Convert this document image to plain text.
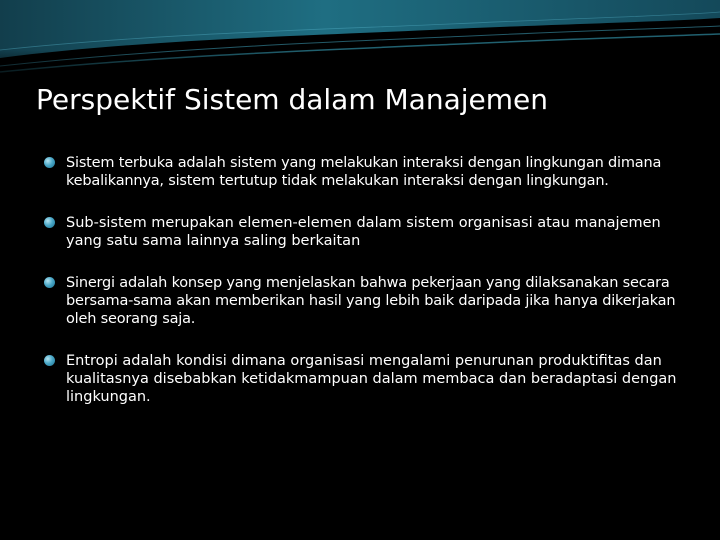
Perspektif Sistem dalam Manajemen
Sistem terbuka adalah sistem yang melakukan interaksi dengan lingkungan dimana kebalikannya, sistem tertutup tidak melakukan interaksi dengan lingkungan.
Sub-sistem merupakan elemen-elemen dalam sistem organisasi atau manajemen yang satu sama lainnya saling berkaitan
Sinergi adalah konsep yang menjelaskan bahwa pekerjaan yang dilaksanakan secara bersama-sama akan memberikan hasil yang lebih baik daripada jika hanya dikerjakan oleh seorang saja.
Entropi adalah kondisi dimana organisasi mengalami penurunan produktifitas dan kualitasnya disebabkan ketidakmampuan dalam membaca dan beradaptasi dengan lingkungan.
